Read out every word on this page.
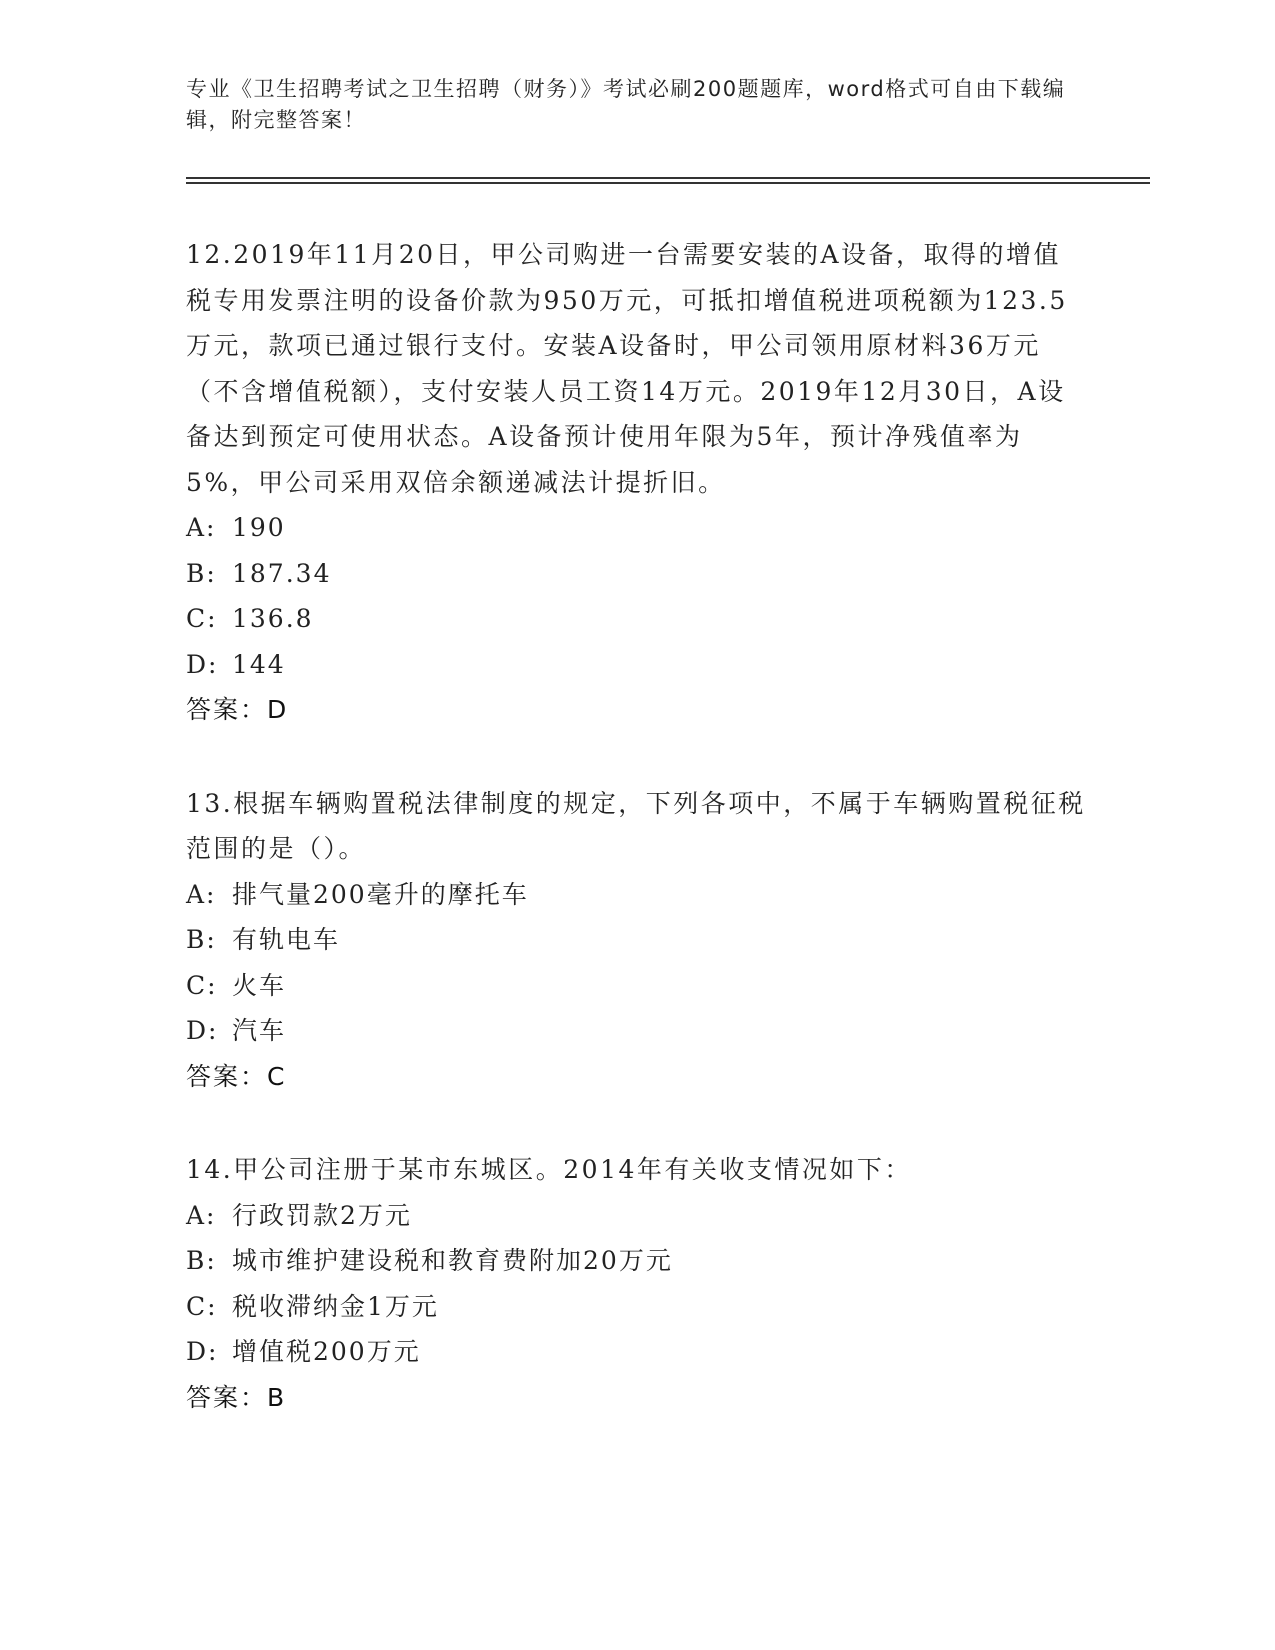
专业《卫生招聘考试之卫生招聘（财务）》考试必刷200题题库，word格式可自由下载编辑，附完整答案！

12.2019年11月20日，甲公司购进一台需要安装的A设备，取得的增值税专用发票注明的设备价款为950万元，可抵扣增值税进项税额为123.5万元，款项已通过银行支付。安装A设备时，甲公司领用原材料36万元（不含增值税额），支付安装人员工资14万元。2019年12月30日，A设备达到预定可使用状态。A设备预计使用年限为5年，预计净残值率为5%，甲公司采用双倍余额递减法计提折旧。

A: 190
B: 187.34
C: 136.8
D: 144
答案：D

13.根据车辆购置税法律制度的规定，下列各项中，不属于车辆购置税征税范围的是（）。

A: 排气量200毫升的摩托车
B: 有轨电车
C: 火车
D: 汽车
答案：C

14.甲公司注册于某市东城区。2014年有关收支情况如下：

A: 行政罚款2万元
B: 城市维护建设税和教育费附加20万元
C: 税收滞纳金1万元
D: 增值税200万元
答案：B
